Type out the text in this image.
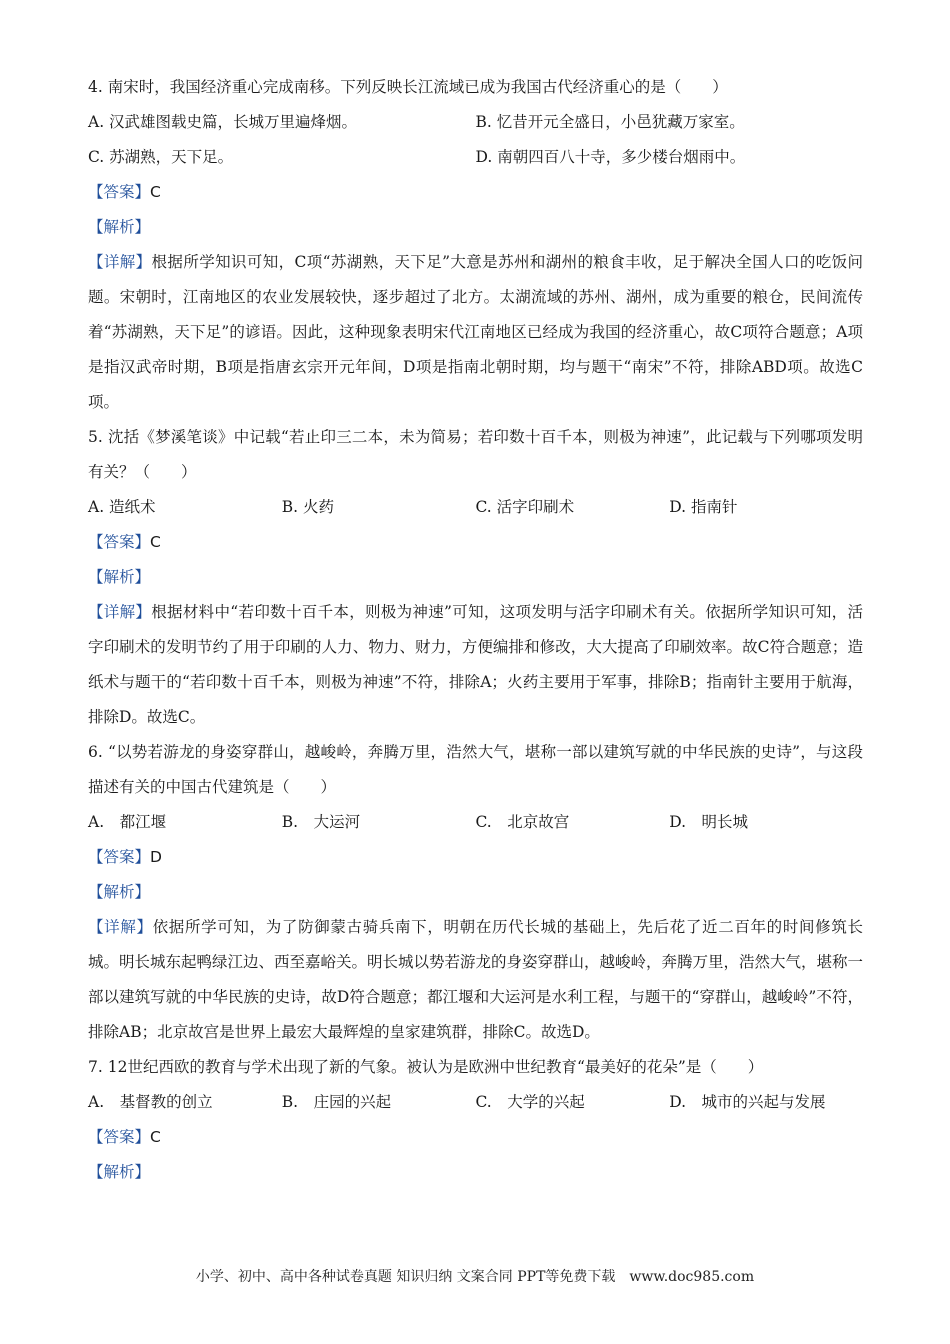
4. 南宋时，我国经济重心完成南移。下列反映长江流域已成为我国古代经济重心的是（　　）
A. 汉武雄图载史篇，长城万里遍烽烟。	B. 忆昔开元全盛日，小邑犹藏万家室。
C. 苏湖熟，天下足。	D. 南朝四百八十寺，多少楼台烟雨中。
【答案】C
【解析】
【详解】根据所学知识可知，C项“苏湖熟，天下足”大意是苏州和湖州的粮食丰收，足于解决全国人口的吃饭问题。宋朝时，江南地区的农业发展较快，逐步超过了北方。太湖流域的苏州、湖州，成为重要的粮仓，民间流传着“苏湖熟，天下足”的谚语。因此，这种现象表明宋代江南地区已经成为我国的经济重心，故C项符合题意；A项是指汉武帝时期，B项是指唐玄宗开元年间，D项是指南北朝时期，均与题干“南宋”不符，排除ABD项。故选C项。
5. 沈括《梦溪笔谈》中记载“若止印三二本，未为简易；若印数十百千本，则极为神速”，此记载与下列哪项发明有关？（　　）
A. 造纸术	B. 火药	C. 活字印刷术	D. 指南针
【答案】C
【解析】
【详解】根据材料中“若印数十百千本，则极为神速”可知，这项发明与活字印刷术有关。依据所学知识可知，活字印刷术的发明节约了用于印刷的人力、物力、财力，方便编排和修改，大大提高了印刷效率。故C符合题意；造纸术与题干的“若印数十百千本，则极为神速”不符，排除A；火药主要用于军事，排除B；指南针主要用于航海，排除D。故选C。
6. “以势若游龙的身姿穿群山，越峻岭，奔腾万里，浩然大气，堪称一部以建筑写就的中华民族的史诗”，与这段描述有关的中国古代建筑是（　　）
A.　都江堰	B.　大运河	C.　北京故宫	D.　明长城
【答案】D
【解析】
【详解】依据所学可知，为了防御蒙古骑兵南下，明朝在历代长城的基础上，先后花了近二百年的时间修筑长城。明长城东起鸭绿江边、西至嘉峪关。明长城以势若游龙的身姿穿群山，越峻岭，奔腾万里，浩然大气，堪称一部以建筑写就的中华民族的史诗，故D符合题意；都江堰和大运河是水利工程，与题干的“穿群山，越峻岭”不符，排除AB；北京故宫是世界上最宏大最辉煌的皇家建筑群，排除C。故选D。
7. 12世纪西欧的教育与学术出现了新的气象。被认为是欧洲中世纪教育“最美好的花朵”是（　　）
A.　基督教的创立	B.　庄园的兴起	C.　大学的兴起	D.　城市的兴起与发展
【答案】C
【解析】
小学、初中、高中各种试卷真题 知识归纳 文案合同 PPT等免费下载　www.doc985.com
